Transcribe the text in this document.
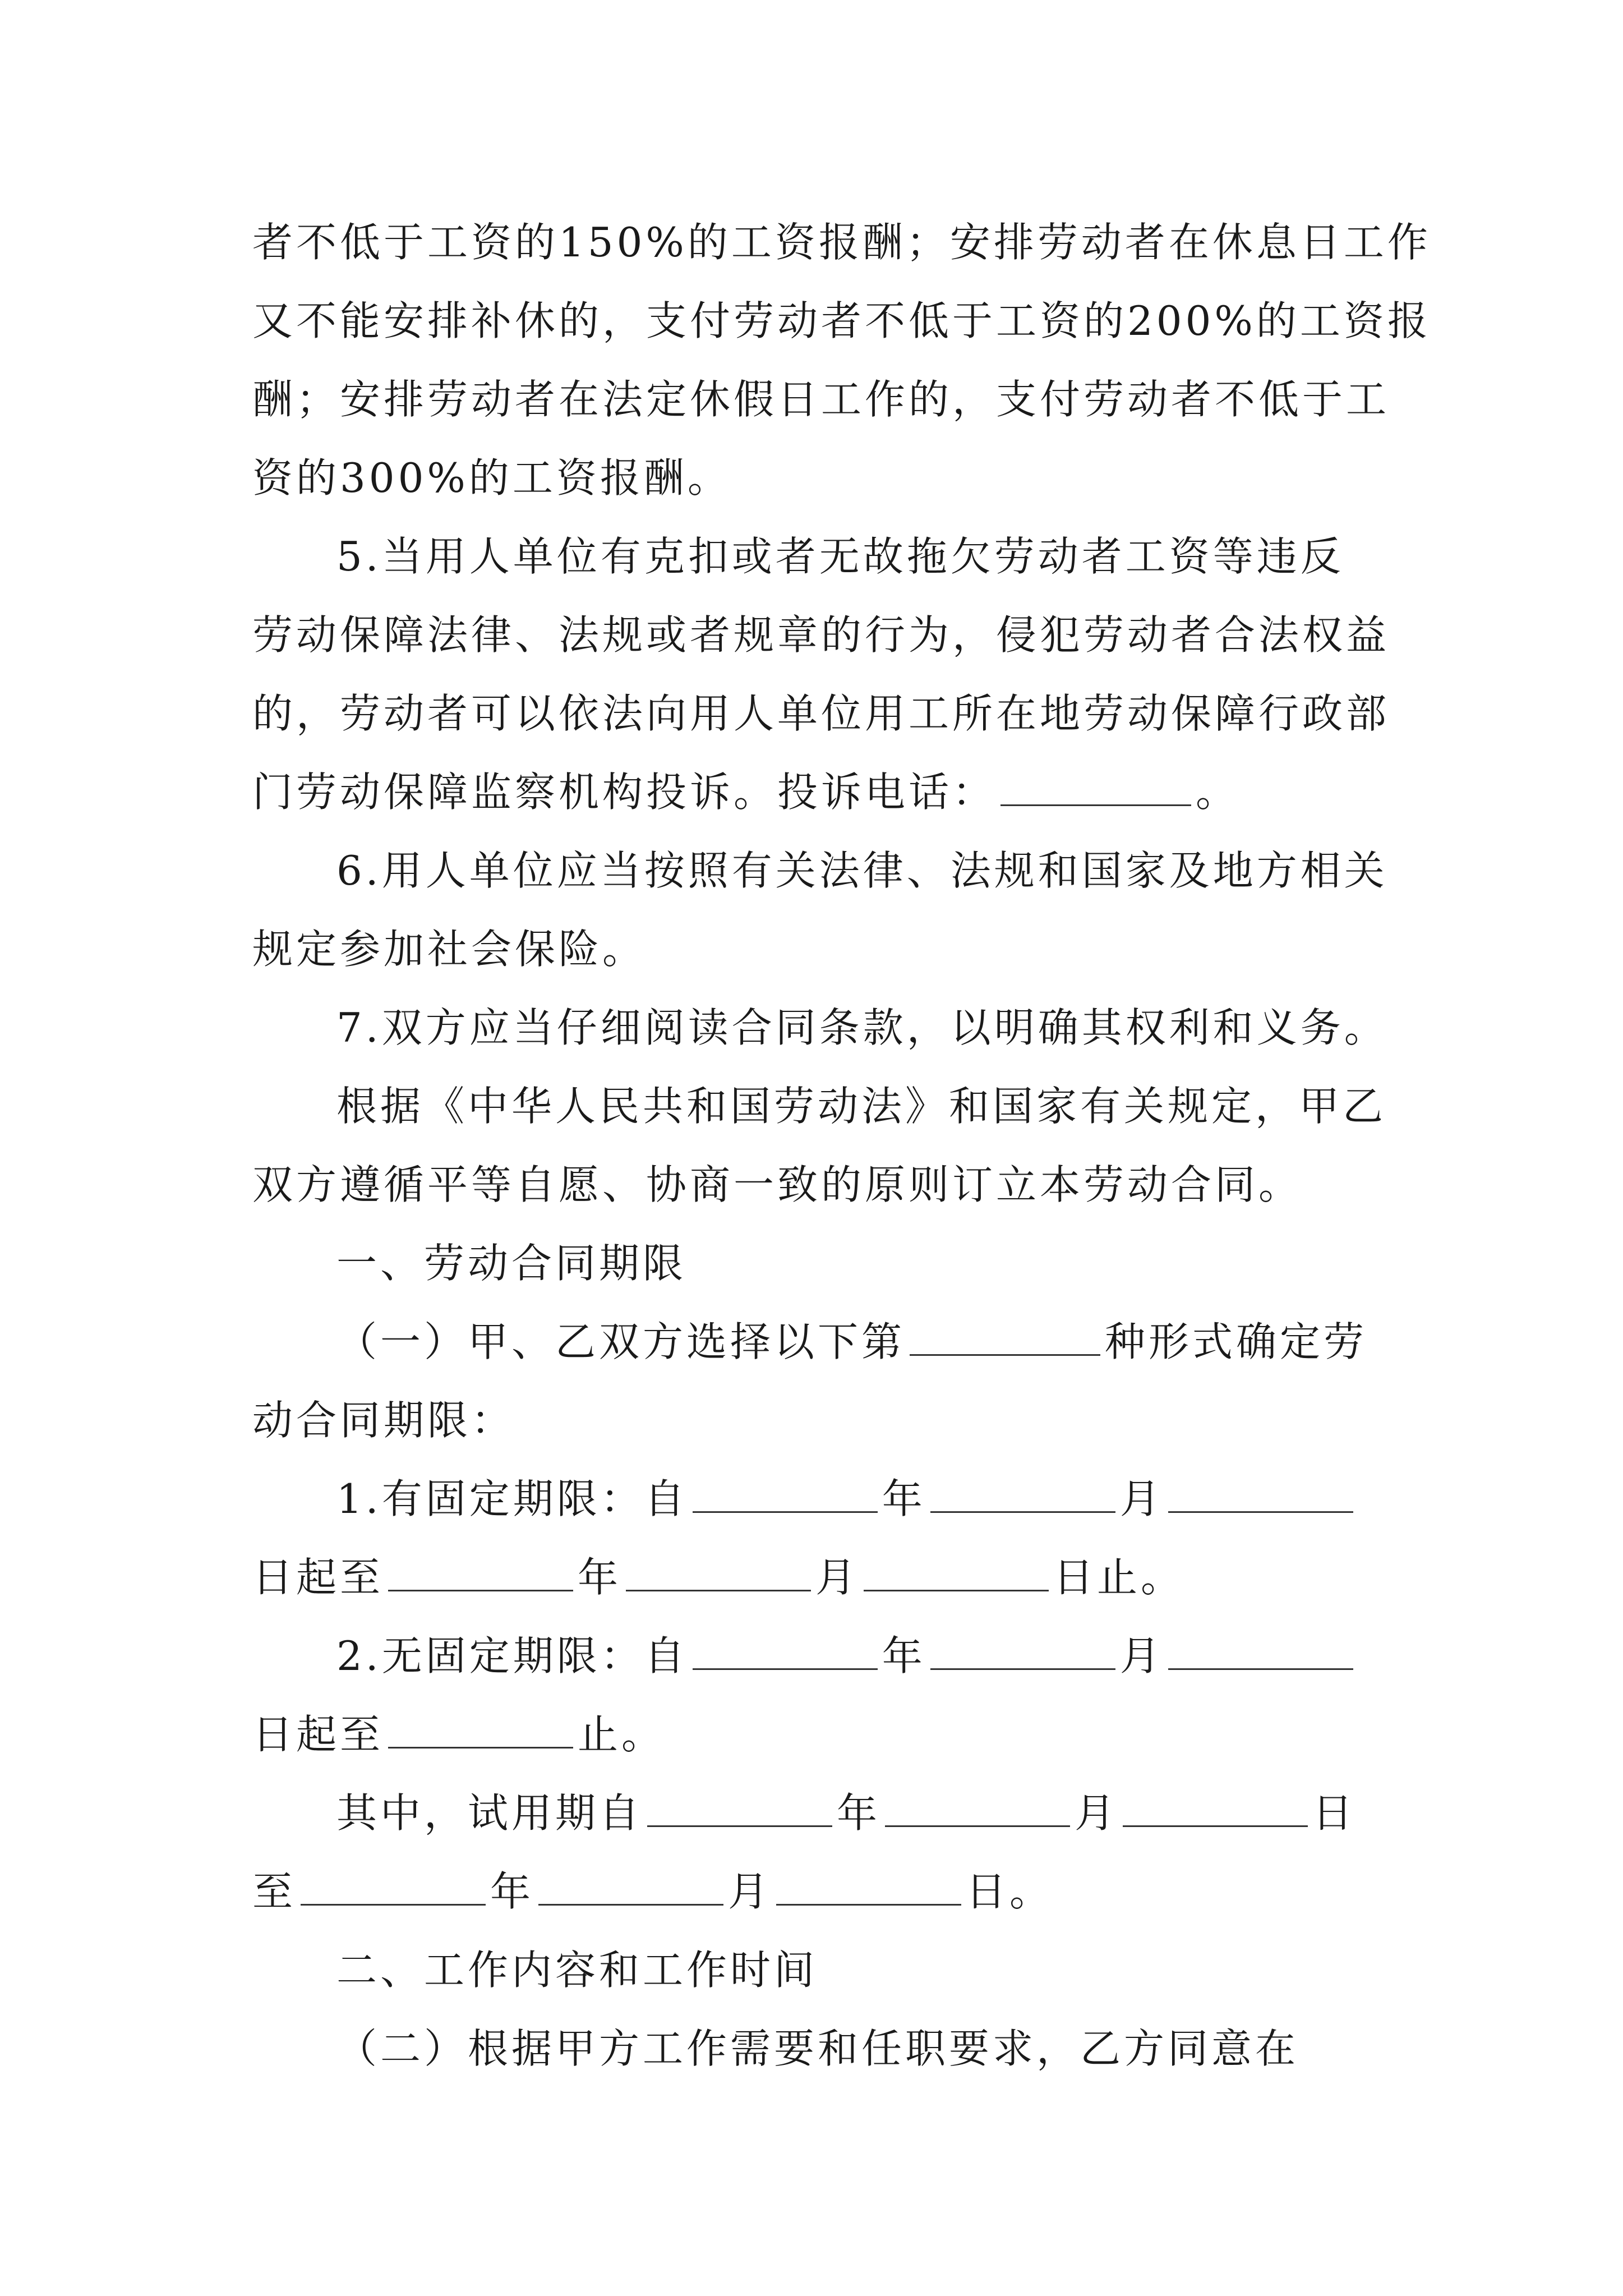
者不低于工资的150%的工资报酬；安排劳动者在休息日工作
又不能安排补休的，支付劳动者不低于工资的200%的工资报
酬；安排劳动者在法定休假日工作的，支付劳动者不低于工
资的300%的工资报酬。
5.当用人单位有克扣或者无故拖欠劳动者工资等违反
劳动保障法律、法规或者规章的行为，侵犯劳动者合法权益
的，劳动者可以依法向用人单位用工所在地劳动保障行政部
门劳动保障监察机构投诉。投诉电话：	。
6.用人单位应当按照有关法律、法规和国家及地方相关
规定参加社会保险。
7.双方应当仔细阅读合同条款，以明确其权利和义务。
根据《中华人民共和国劳动法》和国家有关规定，甲乙
双方遵循平等自愿、协商一致的原则订立本劳动合同。
一、劳动合同期限
（一）甲、乙双方选择以下第	种形式确定劳
动合同期限：
1.有固定期限：自	年	月
日起至	年	月	日止。
2.无固定期限：自	年	月
日起至	止。
其中，试用期自	年	月	日
至	年	月	日。
二、工作内容和工作时间
（二）根据甲方工作需要和任职要求，乙方同意在
